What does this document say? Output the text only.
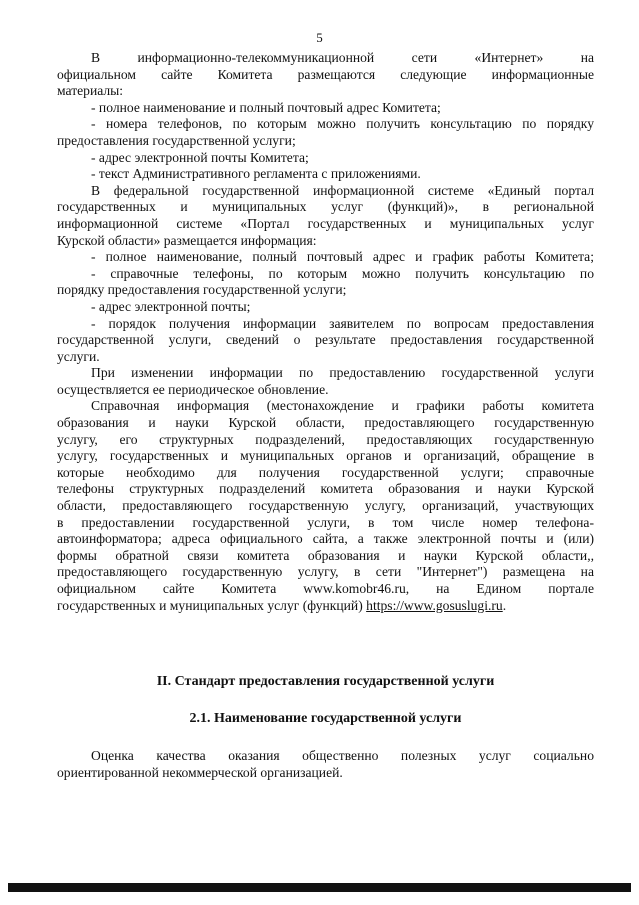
5
В информационно-телекоммуникационной сети «Интернет» на
официальном сайте Комитета размещаются следующие информационные
материалы:
- полное наименование и полный почтовый адрес Комитета;
- номера телефонов, по которым можно получить консультацию по порядку
предоставления государственной услуги;
- адрес электронной почты Комитета;
- текст Административного регламента с приложениями.
В федеральной государственной информационной системе «Единый портал
государственных и муниципальных услуг (функций)», в региональной
информационной системе «Портал государственных и муниципальных услуг
Курской области» размещается информация:
- полное наименование, полный почтовый адрес и график работы Комитета;
- справочные телефоны, по которым можно получить консультацию по
порядку предоставления государственной услуги;
- адрес электронной почты;
- порядок получения информации заявителем по вопросам предоставления
государственной услуги, сведений о результате предоставления государственной
услуги.
При изменении информации по предоставлению государственной услуги
осуществляется ее периодическое обновление.
Справочная информация (местонахождение и графики работы комитета
образования и науки Курской области, предоставляющего государственную
услугу, его структурных подразделений, предоставляющих государственную
услугу, государственных и муниципальных органов и организаций, обращение в
которые необходимо для получения государственной услуги; справочные
телефоны структурных подразделений комитета образования и науки Курской
области, предоставляющего государственную услугу, организаций, участвующих
в предоставлении государственной услуги, в том числе номер телефона-
автоинформатора; адреса официального сайта, а также электронной почты и (или)
формы обратной связи комитета образования и науки Курской области,,
предоставляющего государственную услугу, в сети "Интернет") размещена на
официальном сайте Комитета www.komobr46.ru, на Едином портале
государственных и муниципальных услуг (функций) https://www.gosuslugi.ru.
II. Стандарт предоставления государственной услуги
2.1. Наименование государственной услуги
Оценка качества оказания общественно полезных услуг социально
ориентированной некоммерческой организацией.
